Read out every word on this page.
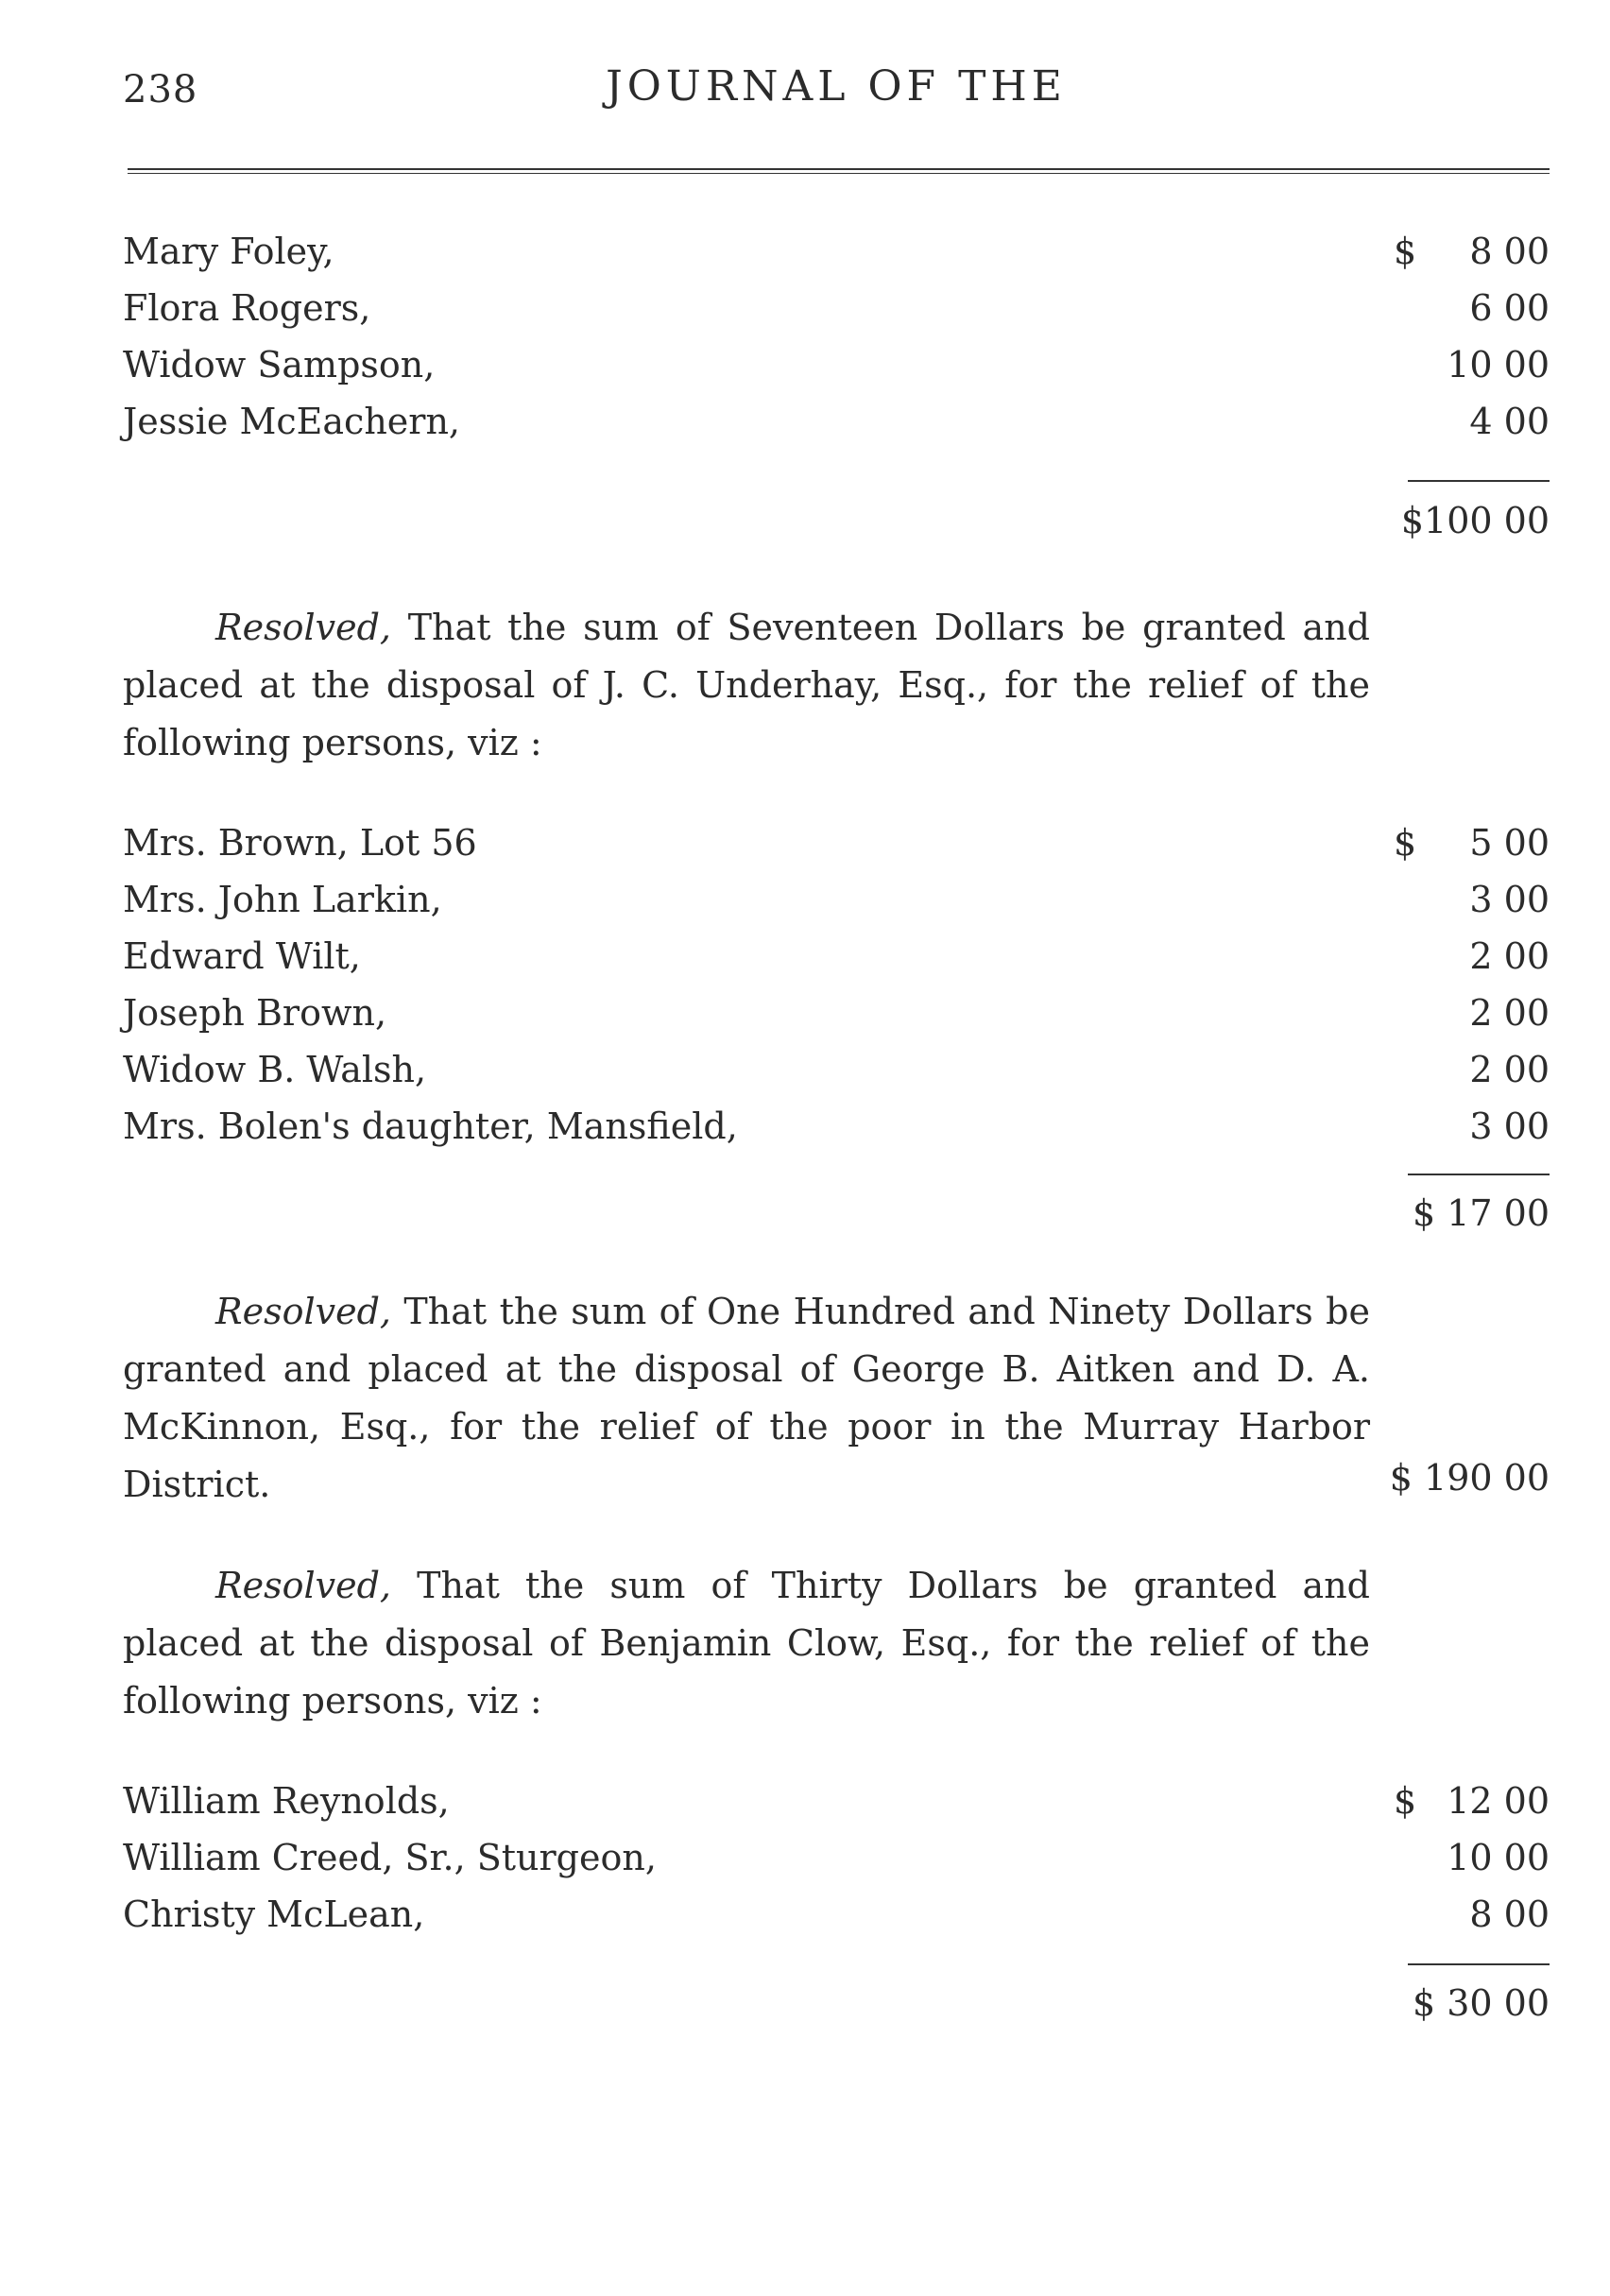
238	JOURNAL OF THE
Mary Foley,	$ 8 00
Flora Rogers,	6 00
Widow Sampson,	10 00
Jessie McEachern,	4 00
$100 00
Resolved, That the sum of Seventeen Dollars be granted and placed at the disposal of J. C. Underhay, Esq., for the relief of the following persons, viz :
Mrs. Brown, Lot 56	$ 5 00
Mrs. John Larkin,	3 00
Edward Wilt,	2 00
Joseph Brown,	2 00
Widow B. Walsh,	2 00
Mrs. Bolen's daughter, Mansfield,	3 00
$ 17 00
Resolved, That the sum of One Hundred and Ninety Dollars be granted and placed at the disposal of George B. Aitken and D. A. McKinnon, Esq., for the relief of the poor in the Murray Harbor District.	$ 190 00
Resolved, That the sum of Thirty Dollars be granted and placed at the disposal of Benjamin Clow, Esq., for the relief of the following persons, viz :
William Reynolds,	$ 12 00
William Creed, Sr., Sturgeon,	10 00
Christy McLean,	8 00
$ 30 00
